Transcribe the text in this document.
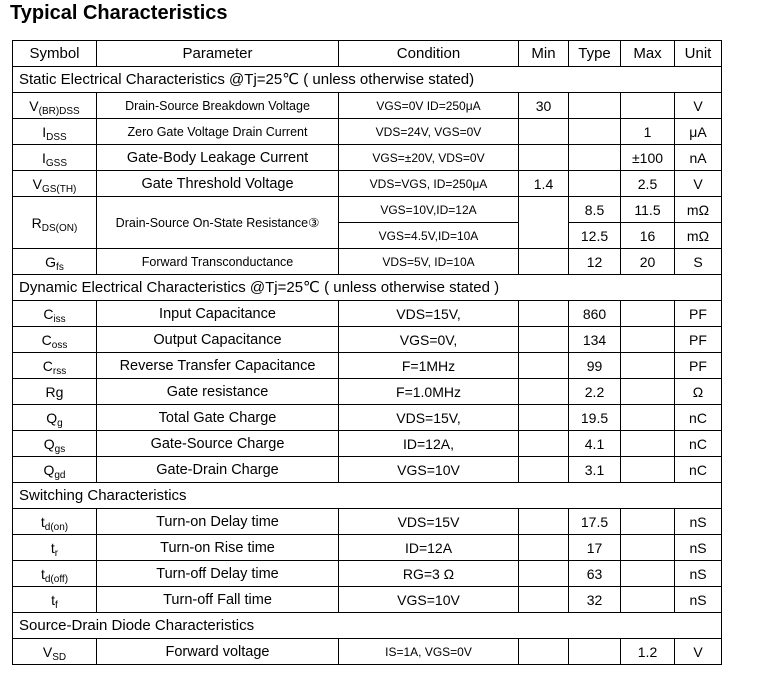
Typical Characteristics
Symbol	Parameter	Condition	Min	Typе	Max	Unit
Static Electrical Characteristics @Tj=25℃ ( unless otherwise stated)						
$V_{(BR)DSS}$	Drain-Source Breakdown Voltage	VGS=0V ID=250μA	30			V
$I_{DSS}$	Zero Gate Voltage Drain Current	VDS=24V, VGS=0V			1	μA
$I_{GSS}$	Gate-Body Leakage Current	VGS=±20V, VDS=0V			±100	nA
$V_{GS(TH)}$	Gate Threshold Voltage	VDS=VGS, ID=250μA	1.4		2.5	V
$R_{DS(ON)}$	Drain-Source On-State Resistance③	VGS=10V,ID=12A		8.5	11.5	mΩ
		VGS=4.5V,ID=10A		12.5	16	mΩ
$G_{fs}$	Forward Transconductance	VDS=5V, ID=10A		12	20	S
Dynamic Electrical Characteristics @Tj=25℃ ( unless otherwise stated )						
$C_{iss}$	Input Capacitance	VDS=15V,		860		PF
$C_{oss}$	Output Capacitance	VGS=0V,		134		PF
$C_{rss}$	Reverse Transfer Capacitance	F=1MHz		99		PF
Rg	Gate resistance	F=1.0MHz		2.2		Ω
$Q_g$	Total Gate Charge	VDS=15V,		19.5		nC
$Q_{gs}$	Gate-Source Charge	ID=12A,		4.1		nC
$Q_{gd}$	Gate-Drain Charge	VGS=10V		3.1		nC
Switching Characteristics						
$t_{d(on)}$	Turn-on Delay time	VDS=15V		17.5		nS
$t_r$	Turn-on Rise time	ID=12A		17		nS
$t_{d(off)}$	Turn-off Delay time	RG=3 Ω		63		nS
$t_f$	Turn-off Fall time	VGS=10V		32		nS
Source-Drain Diode Characteristics						
$V_{SD}$	Forward voltage	IS=1A, VGS=0V			1.2	V
